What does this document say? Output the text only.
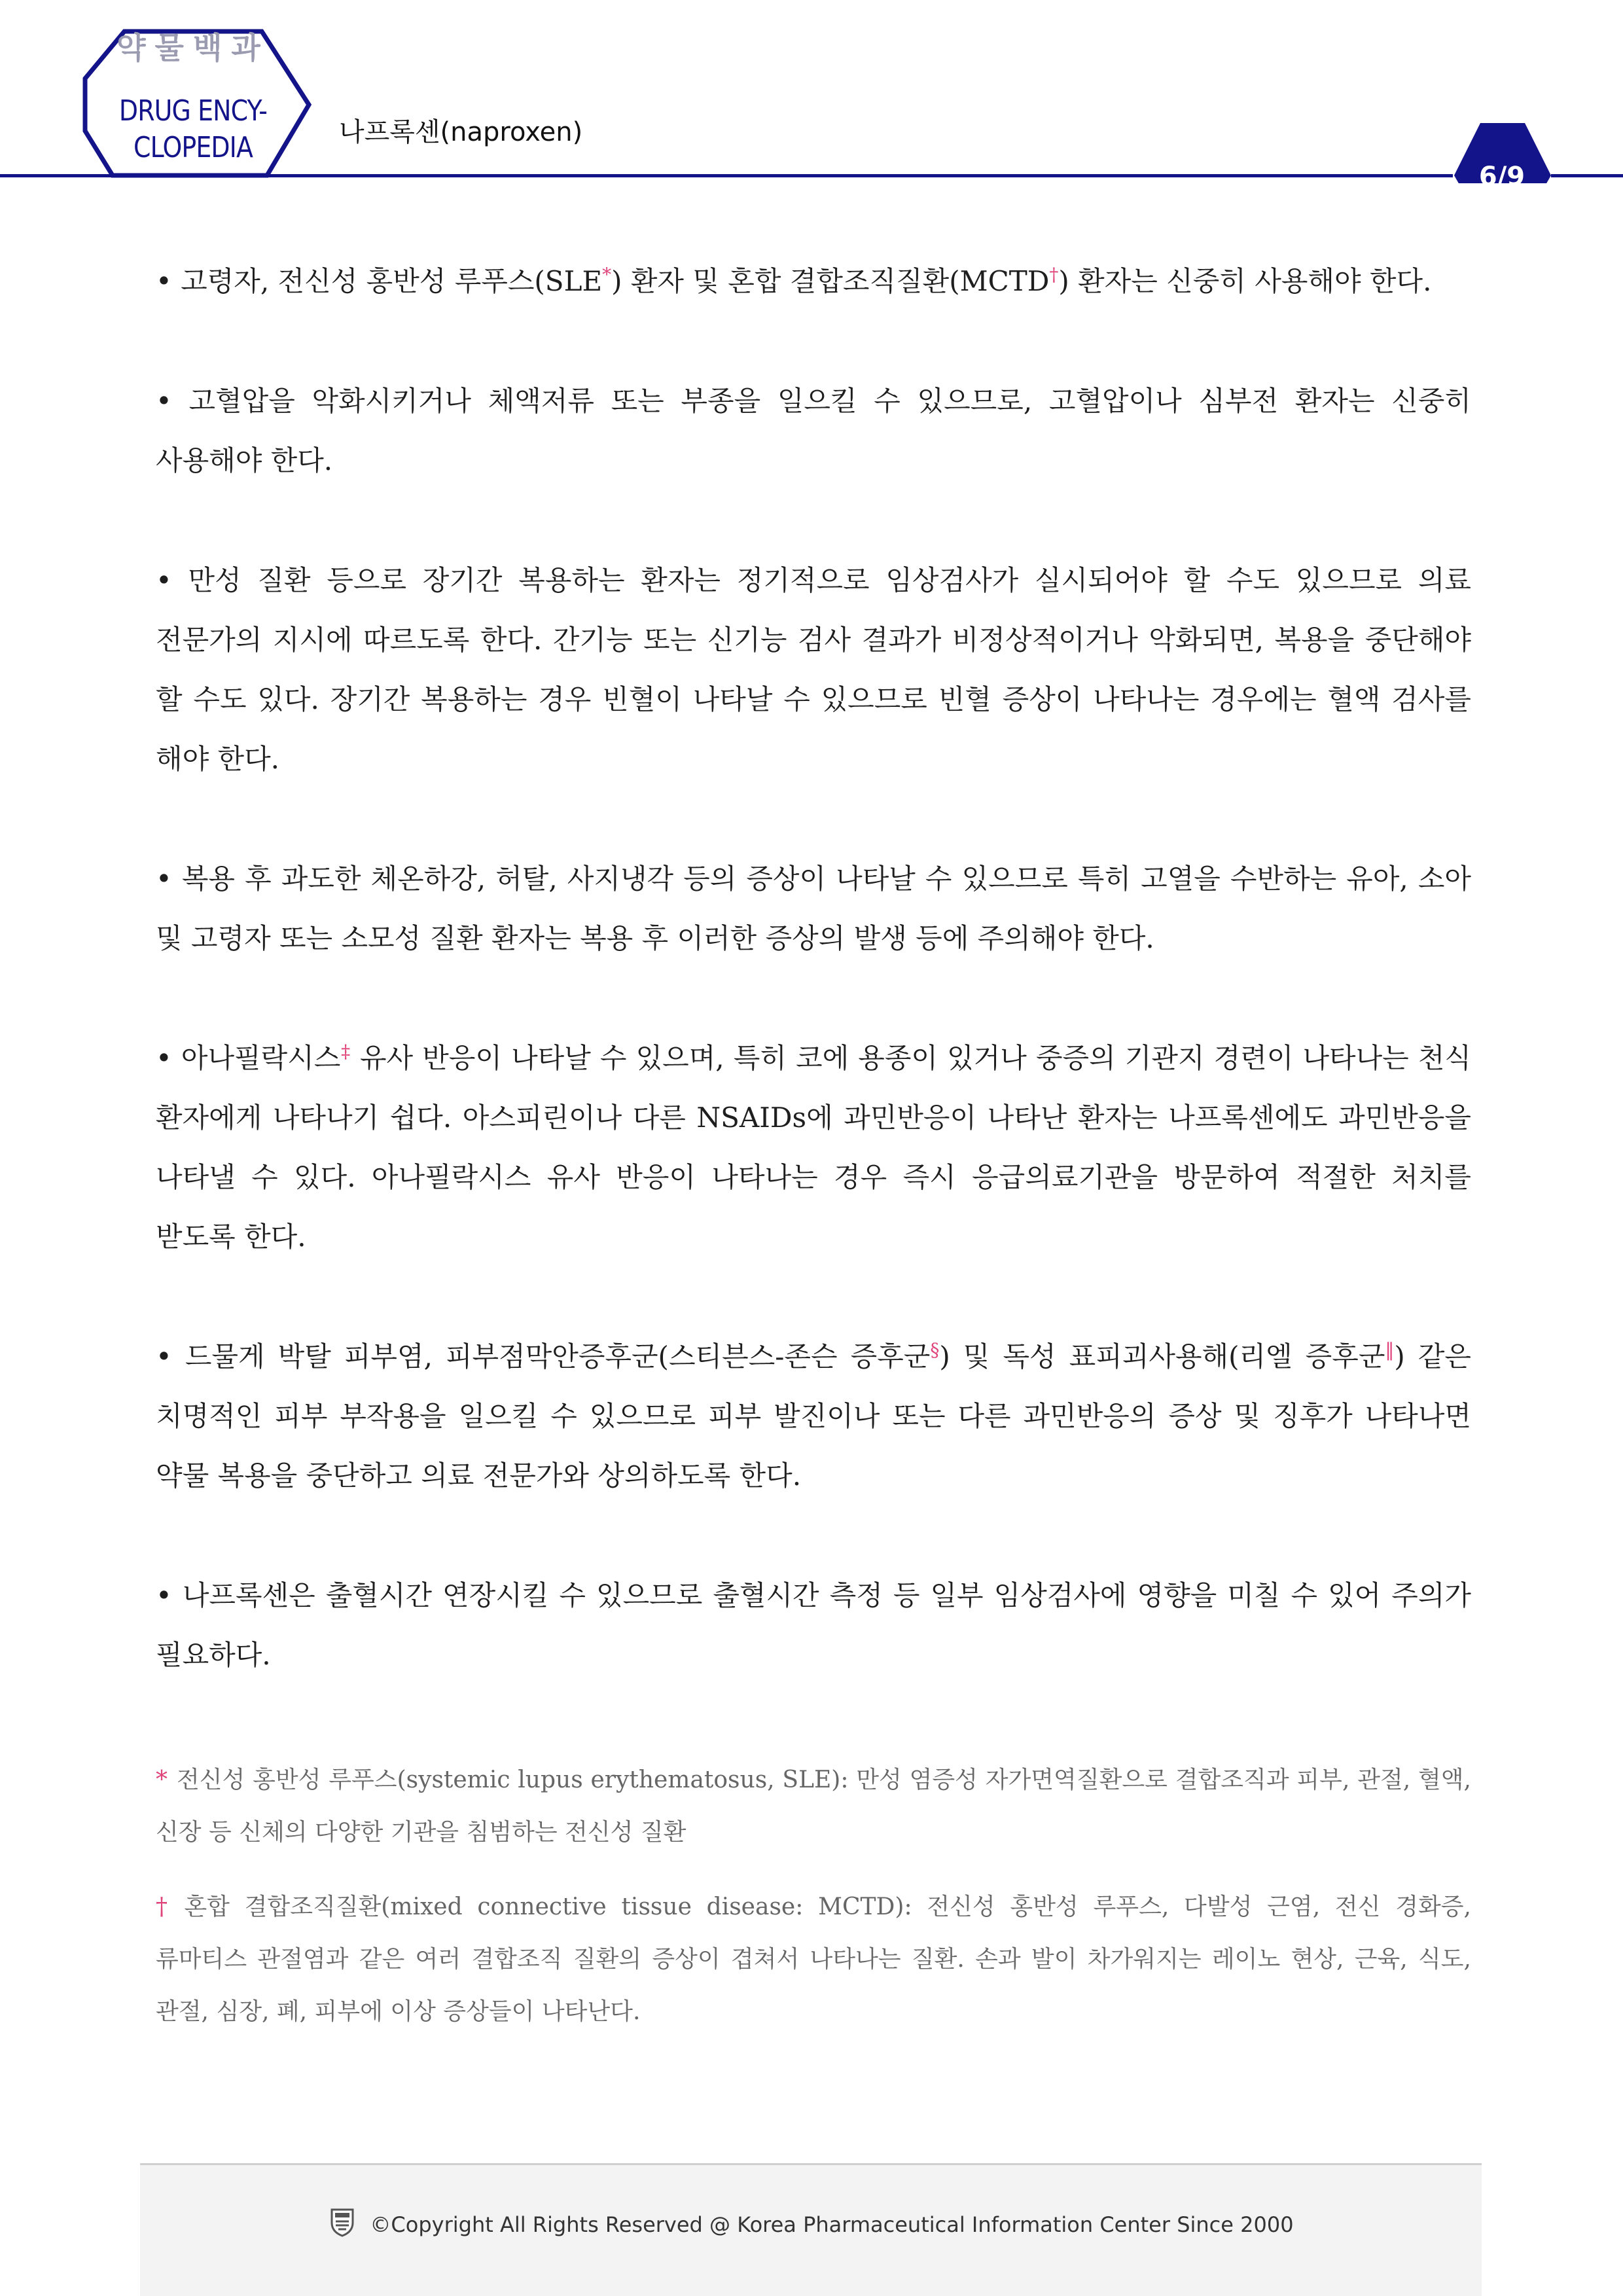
약물백과
DRUG ENCY-
CLOPEDIA	나프록센(naproxen)
6/9

• 고령자, 전신성 홍반성 루푸스(SLE*) 환자 및 혼합 결합조직질환(MCTD†) 환자는 신중히 사용해야 한다.

• 고혈압을 악화시키거나 체액저류 또는 부종을 일으킬 수 있으므로, 고혈압이나 심부전 환자는 신중히 사용해야 한다.

• 만성 질환 등으로 장기간 복용하는 환자는 정기적으로 임상검사가 실시되어야 할 수도 있으므로 의료 전문가의 지시에 따르도록 한다. 간기능 또는 신기능 검사 결과가 비정상적이거나 악화되면, 복용을 중단해야 할 수도 있다. 장기간 복용하는 경우 빈혈이 나타날 수 있으므로 빈혈 증상이 나타나는 경우에는 혈액 검사를 해야 한다.

• 복용 후 과도한 체온하강, 허탈, 사지냉각 등의 증상이 나타날 수 있으므로 특히 고열을 수반하는 유아, 소아 및 고령자 또는 소모성 질환 환자는 복용 후 이러한 증상의 발생 등에 주의해야 한다.

• 아나필락시스‡ 유사 반응이 나타날 수 있으며, 특히 코에 용종이 있거나 중증의 기관지 경련이 나타나는 천식 환자에게 나타나기 쉽다. 아스피린이나 다른 NSAIDs에 과민반응이 나타난 환자는 나프록센에도 과민반응을 나타낼 수 있다. 아나필락시스 유사 반응이 나타나는 경우 즉시 응급의료기관을 방문하여 적절한 처치를 받도록 한다.

• 드물게 박탈 피부염, 피부점막안증후군(스티븐스-존슨 증후군§) 및 독성 표피괴사용해(리엘 증후군‖) 같은 치명적인 피부 부작용을 일으킬 수 있으므로 피부 발진이나 또는 다른 과민반응의 증상 및 징후가 나타나면 약물 복용을 중단하고 의료 전문가와 상의하도록 한다.

• 나프록센은 출혈시간 연장시킬 수 있으므로 출혈시간 측정 등 일부 임상검사에 영향을 미칠 수 있어 주의가 필요하다.

* 전신성 홍반성 루푸스(systemic lupus erythematosus, SLE): 만성 염증성 자가면역질환으로 결합조직과 피부, 관절, 혈액, 신장 등 신체의 다양한 기관을 침범하는 전신성 질환

† 혼합 결합조직질환(mixed connective tissue disease: MCTD): 전신성 홍반성 루푸스, 다발성 근염, 전신 경화증, 류마티스 관절염과 같은 여러 결합조직 질환의 증상이 겹쳐서 나타나는 질환. 손과 발이 차가워지는 레이노 현상, 근육, 식도, 관절, 심장, 폐, 피부에 이상 증상들이 나타난다.

©Copyright All Rights Reserved @ Korea Pharmaceutical Information Center Since 2000
